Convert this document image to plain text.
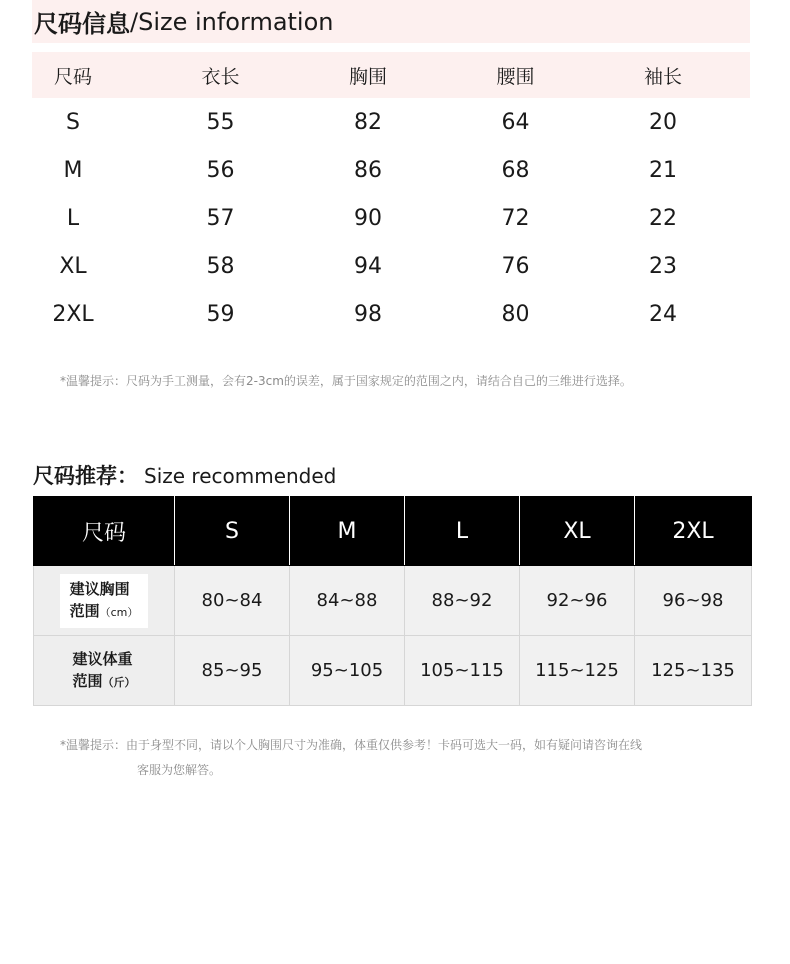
尺码信息 /Size information
尺码	衣长	胸围	腰围	袖长
S	55	82	64	20
M	56	86	68	21
L	57	90	72	22
XL	58	94	76	23
2XL	59	98	80	24
*温馨提示：尺码为手工测量，会有2-3cm的误差，属于国家规定的范围之内，请结合自己的三维进行选择。
尺码推荐： Size recommended
尺码	S	M	L	XL	2XL
建议胸围
范围（cm）	80~84	84~88	88~92	92~96	96~98
建议体重
范围（斤）	85~95	95~105	105~115	115~125	125~135
*温馨提示：由于身型不同，请以个人胸围尺寸为准确，体重仅供参考！卡码可选大一码，如有疑问请咨询在线
客服为您解答。
